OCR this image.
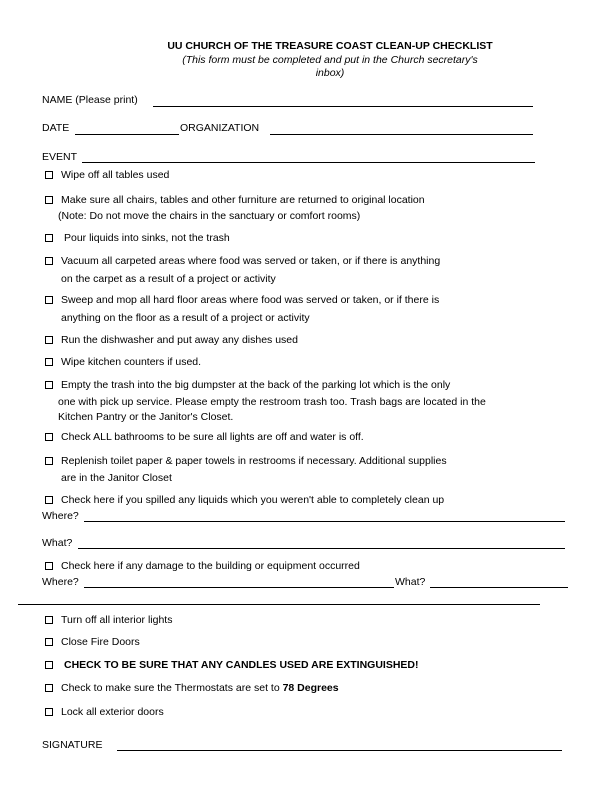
UU CHURCH OF THE TREASURE COAST CLEAN-UP CHECKLIST
(This form must be completed and put in the Church secretary's
inbox)
NAME (Please print)
DATE	ORGANIZATION
EVENT
Wipe off all tables used
Make sure all chairs, tables and other furniture are returned to original location
(Note: Do not move the chairs in the sanctuary or comfort rooms)
Pour liquids into sinks, not the trash
Vacuum all carpeted areas where food was served or taken, or if there is anything
on the carpet as a result of a project or activity
Sweep and mop all hard floor areas where food was served or taken, or if there is
anything on the floor as a result of a project or activity
Run the dishwasher and put away any dishes used
Wipe kitchen counters if used.
Empty the trash into the big dumpster at the back of the parking lot which is the only
one with pick up service. Please empty the restroom trash too. Trash bags are located in the
Kitchen Pantry or the Janitor's Closet.
Check ALL bathrooms to be sure all lights are off and water is off.
Replenish toilet paper & paper towels in restrooms if necessary. Additional supplies
are in the Janitor Closet
Check here if you spilled any liquids which you weren't able to completely clean up
Where?
What?
Check here if any damage to the building or equipment occurred
Where?	What?
Turn off all interior lights
Close Fire Doors
CHECK TO BE SURE THAT ANY CANDLES USED ARE EXTINGUISHED!
Check to make sure the Thermostats are set to 78 Degrees
Lock all exterior doors
SIGNATURE
